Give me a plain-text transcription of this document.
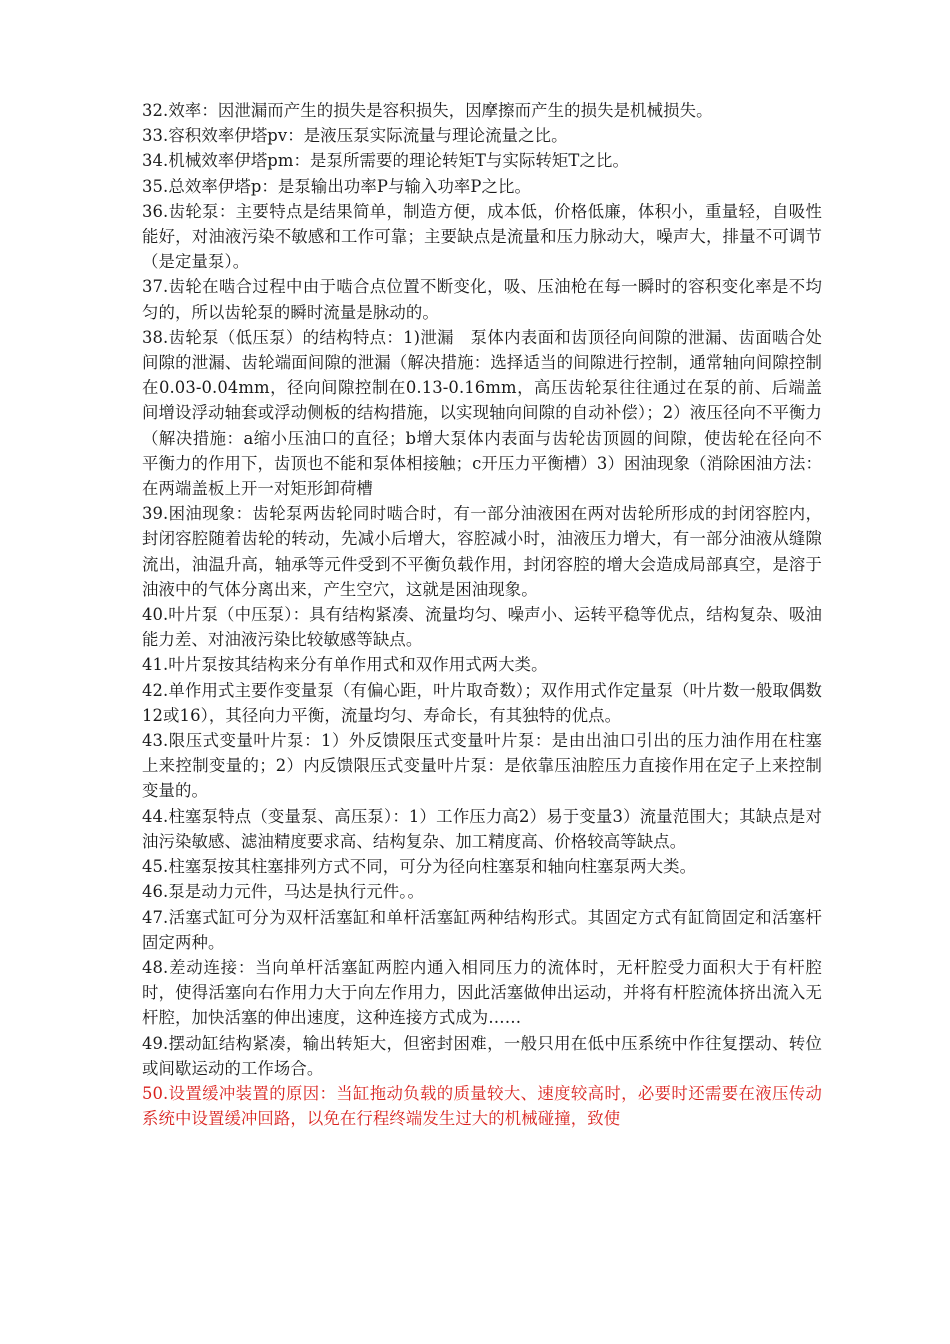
32.效率：因泄漏而产生的损失是容积损失，因摩擦而产生的损失是机械损失。

33.容积效率伊塔pv：是液压泵实际流量与理论流量之比。

34.机械效率伊塔pm：是泵所需要的理论转矩T与实际转矩T之比。

35.总效率伊塔p：是泵输出功率P与输入功率P之比。

36.齿轮泵：主要特点是结果简单，制造方便，成本低，价格低廉，体积小，重量轻，自吸性能好，对油液污染不敏感和工作可靠；主要缺点是流量和压力脉动大，噪声大，排量不可调节（是定量泵）。

37.齿轮在啮合过程中由于啮合点位置不断变化，吸、压油枪在每一瞬时的容积变化率是不均匀的，所以齿轮泵的瞬时流量是脉动的。

38.齿轮泵（低压泵）的结构特点：1)泄漏　泵体内表面和齿顶径向间隙的泄漏、齿面啮合处间隙的泄漏、齿轮端面间隙的泄漏（解决措施：选择适当的间隙进行控制，通常轴向间隙控制在0.03-0.04mm，径向间隙控制在0.13-0.16mm，高压齿轮泵往往通过在泵的前、后端盖间增设浮动轴套或浮动侧板的结构措施，以实现轴向间隙的自动补偿）；2）液压径向不平衡力（解决措施：a缩小压油口的直径；b增大泵体内表面与齿轮齿顶圆的间隙，使齿轮在径向不平衡力的作用下，齿顶也不能和泵体相接触；c开压力平衡槽）3）困油现象（消除困油方法：在两端盖板上开一对矩形卸荷槽

39.困油现象：齿轮泵两齿轮同时啮合时，有一部分油液困在两对齿轮所形成的封闭容腔内，封闭容腔随着齿轮的转动，先减小后增大，容腔减小时，油液压力增大，有一部分油液从缝隙流出，油温升高，轴承等元件受到不平衡负载作用，封闭容腔的增大会造成局部真空，是溶于油液中的气体分离出来，产生空穴，这就是困油现象。

40.叶片泵（中压泵）：具有结构紧凑、流量均匀、噪声小、运转平稳等优点，结构复杂、吸油能力差、对油液污染比较敏感等缺点。

41.叶片泵按其结构来分有单作用式和双作用式两大类。

42.单作用式主要作变量泵（有偏心距，叶片取奇数）；双作用式作定量泵（叶片数一般取偶数12或16），其径向力平衡，流量均匀、寿命长，有其独特的优点。

43.限压式变量叶片泵：1）外反馈限压式变量叶片泵：是由出油口引出的压力油作用在柱塞上来控制变量的；2）内反馈限压式变量叶片泵：是依靠压油腔压力直接作用在定子上来控制变量的。

44.柱塞泵特点（变量泵、高压泵）：1）工作压力高2）易于变量3）流量范围大；其缺点是对油污染敏感、滤油精度要求高、结构复杂、加工精度高、价格较高等缺点。

45.柱塞泵按其柱塞排列方式不同，可分为径向柱塞泵和轴向柱塞泵两大类。

46.泵是动力元件，马达是执行元件。。

47.活塞式缸可分为双杆活塞缸和单杆活塞缸两种结构形式。其固定方式有缸筒固定和活塞杆固定两种。

48.差动连接：当向单杆活塞缸两腔内通入相同压力的流体时，无杆腔受力面积大于有杆腔时，使得活塞向右作用力大于向左作用力，因此活塞做伸出运动，并将有杆腔流体挤出流入无杆腔，加快活塞的伸出速度，这种连接方式成为……

49.摆动缸结构紧凑，输出转矩大，但密封困难，一般只用在低中压系统中作往复摆动、转位或间歇运动的工作场合。

50.设置缓冲装置的原因：当缸拖动负载的质量较大、速度较高时，必要时还需要在液压传动系统中设置缓冲回路，以免在行程终端发生过大的机械碰撞，致使
